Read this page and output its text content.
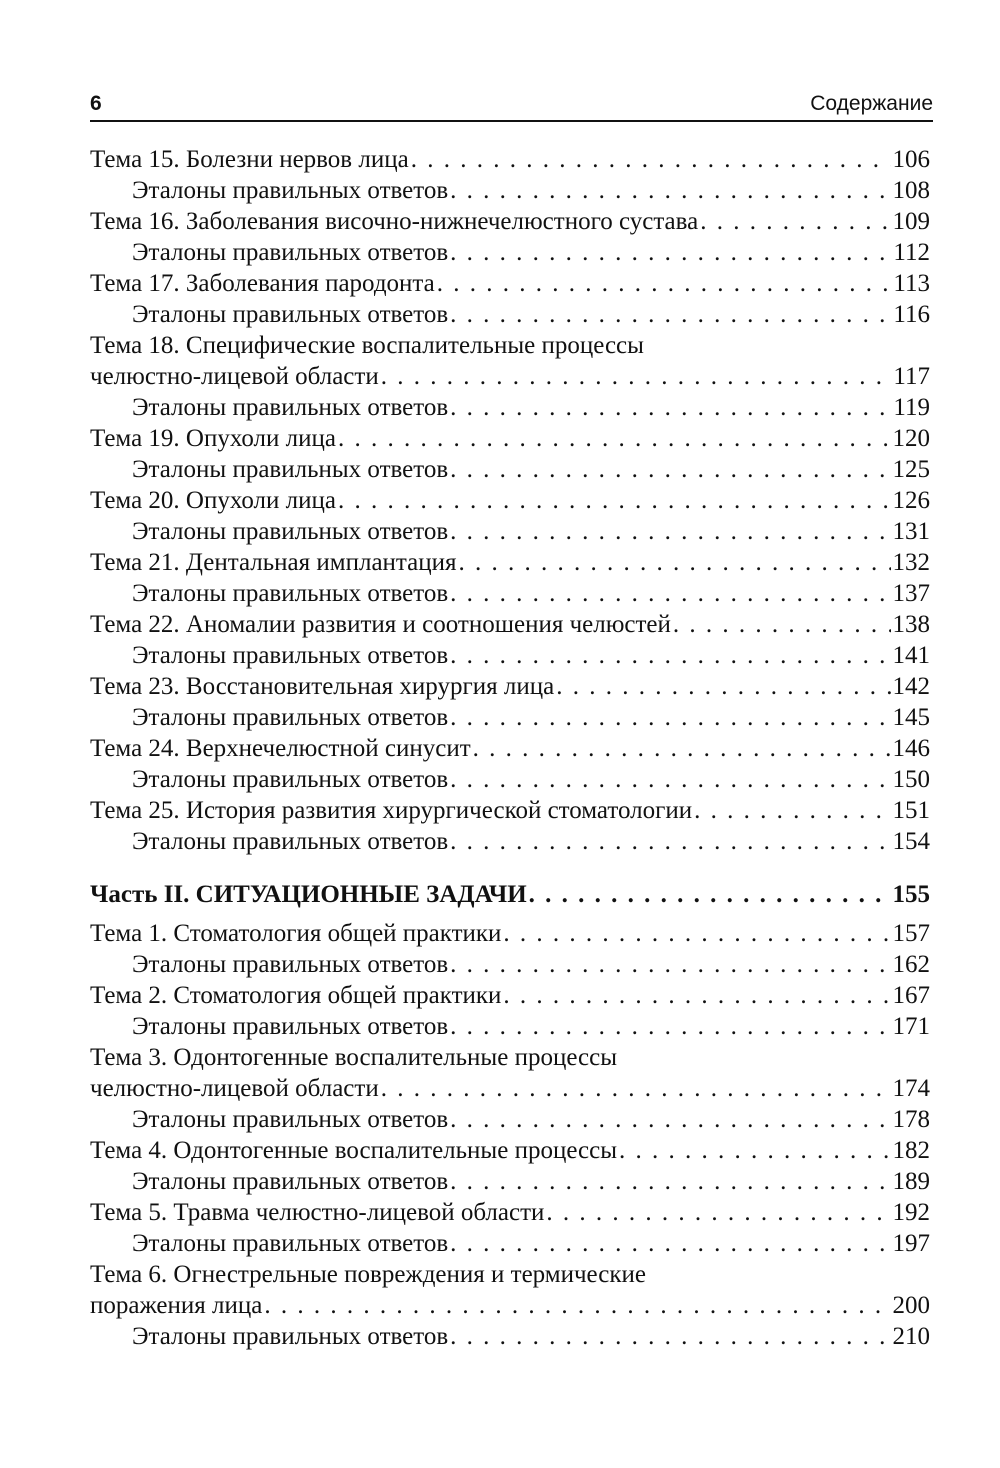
6	Содержание
Тема 15. Болезни нервов лица . . .	106
Эталоны правильных ответов . . .	108
Тема 16. Заболевания височно-нижнечелюстного сустава . . .	109
Эталоны правильных ответов . . .	112
Тема 17. Заболевания пародонта . . .	113
Эталоны правильных ответов . . .	116
Тема 18. Специфические воспалительные процессы
челюстно-лицевой области . . .	117
Эталоны правильных ответов . . .	119
Тема 19. Опухоли лица . . .	120
Эталоны правильных ответов . . .	125
Тема 20. Опухоли лица . . .	126
Эталоны правильных ответов . . .	131
Тема 21. Дентальная имплантация . . .	132
Эталоны правильных ответов . . .	137
Тема 22. Аномалии развития и соотношения челюстей . . .	138
Эталоны правильных ответов . . .	141
Тема 23. Восстановительная хирургия лица . . .	142
Эталоны правильных ответов . . .	145
Тема 24. Верхнечелюстной синусит . . .	146
Эталоны правильных ответов . . .	150
Тема 25. История развития хирургической стоматологии . . .	151
Эталоны правильных ответов . . .	154
Часть II. СИТУАЦИОННЫЕ ЗАДАЧИ . . .	155
Тема 1. Стоматология общей практики . . .	157
Эталоны правильных ответов . . .	162
Тема 2. Стоматология общей практики . . .	167
Эталоны правильных ответов . . .	171
Тема 3. Одонтогенные воспалительные процессы
челюстно-лицевой области . . .	174
Эталоны правильных ответов . . .	178
Тема 4. Одонтогенные воспалительные процессы . . .	182
Эталоны правильных ответов . . .	189
Тема 5. Травма челюстно-лицевой области . . .	192
Эталоны правильных ответов . . .	197
Тема 6. Огнестрельные повреждения и термические
поражения лица . . .	200
Эталоны правильных ответов . . .	210
